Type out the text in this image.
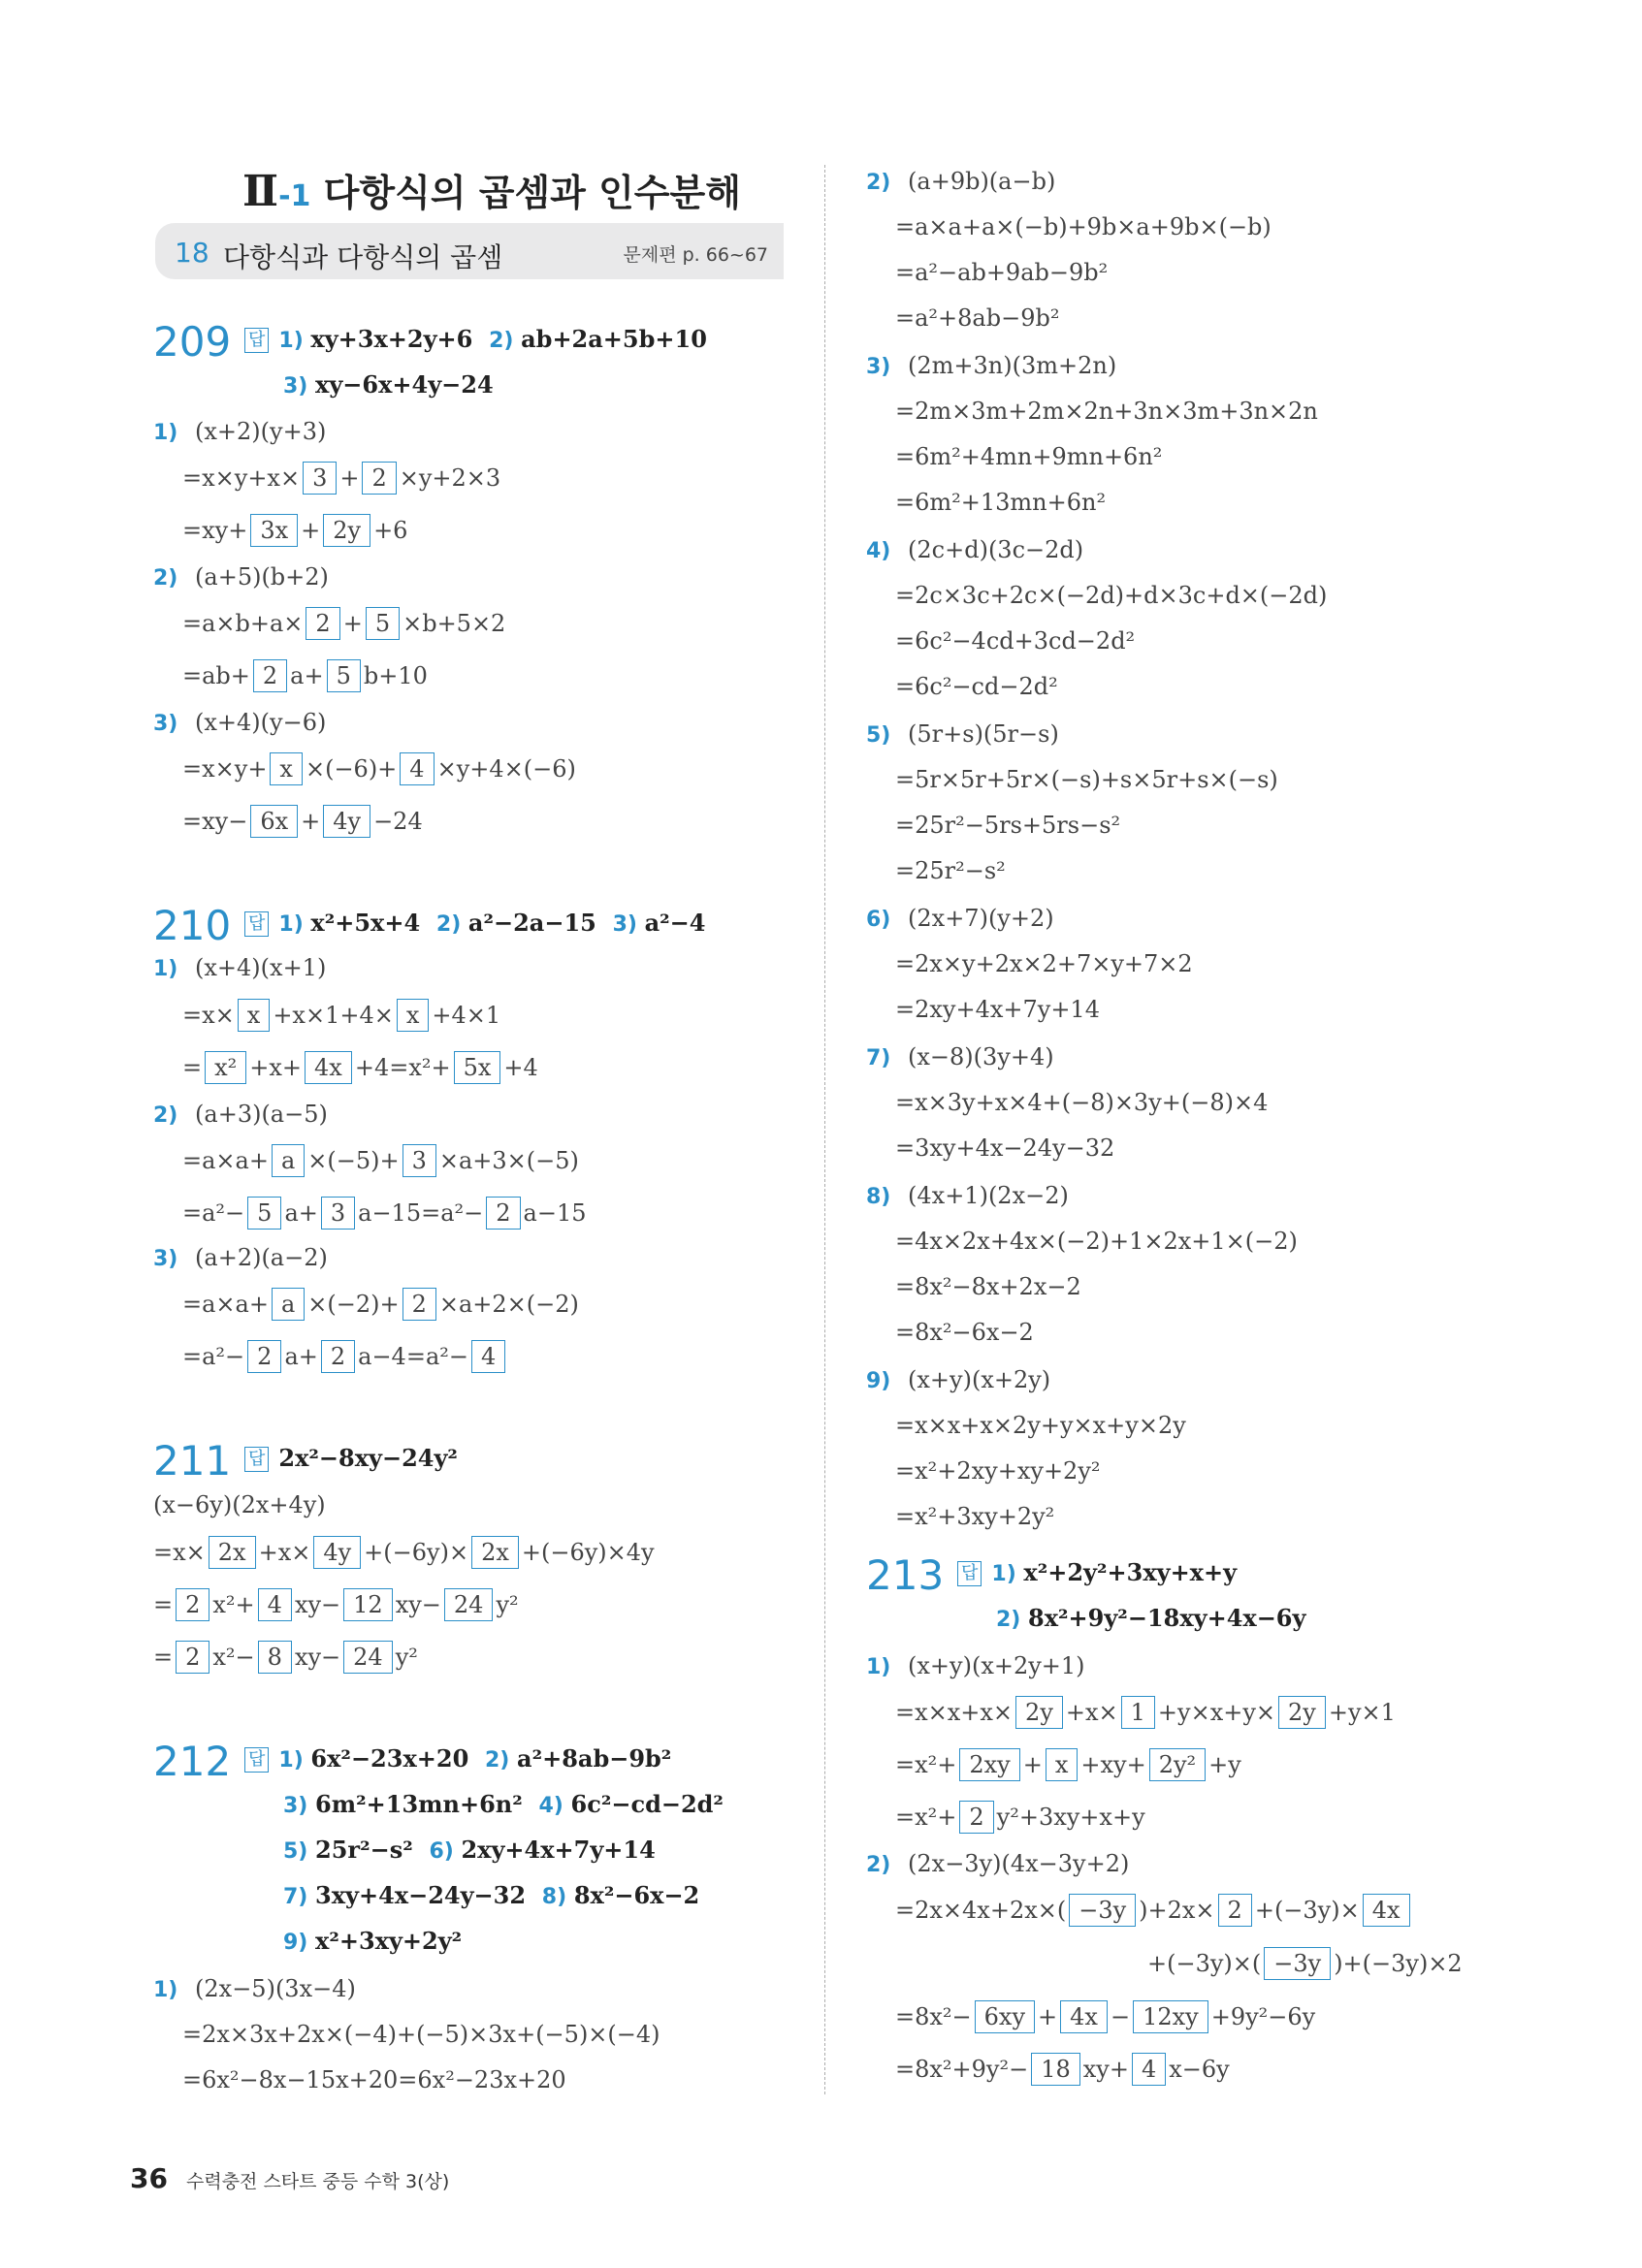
Ⅱ-1 다항식의 곱셈과 인수분해
18 다항식과 다항식의 곱셈	문제편 p. 66~67
209 답 1) xy+3x+2y+6 2) ab+2a+5b+10
3) xy−6x+4y−24
1) (x+2)(y+3)
=x×y+x× 3 + 2 ×y+2×3
=xy+ 3x + 2y +6
2) (a+5)(b+2)
=a×b+a× 2 + 5 ×b+5×2
=ab+ 2 a+ 5 b+10
3) (x+4)(y−6)
=x×y+ x ×(−6)+ 4 ×y+4×(−6)
=xy− 6x + 4y −24
210 답 1) x²+5x+4 2) a²−2a−15 3) a²−4
1) (x+4)(x+1)
=x× x +x×1+4× x +4×1
= x² +x+ 4x +4=x²+ 5x +4
2) (a+3)(a−5)
=a×a+ a ×(−5)+ 3 ×a+3×(−5)
=a²− 5 a+ 3 a−15=a²− 2 a−15
3) (a+2)(a−2)
=a×a+ a ×(−2)+ 2 ×a+2×(−2)
=a²− 2 a+ 2 a−4=a²− 4
211 답 2x²−8xy−24y²
(x−6y)(2x+4y)
=x× 2x +x× 4y +(−6y)× 2x +(−6y)×4y
= 2 x²+ 4 xy− 12 xy− 24 y²
= 2 x²− 8 xy− 24 y²
212 답 1) 6x²−23x+20 2) a²+8ab−9b²
3) 6m²+13mn+6n² 4) 6c²−cd−2d²
5) 25r²−s² 6) 2xy+4x+7y+14
7) 3xy+4x−24y−32 8) 8x²−6x−2
9) x²+3xy+2y²
1) (2x−5)(3x−4)
=2x×3x+2x×(−4)+(−5)×3x+(−5)×(−4)
=6x²−8x−15x+20=6x²−23x+20
2) (a+9b)(a−b)
=a×a+a×(−b)+9b×a+9b×(−b)
=a²−ab+9ab−9b²
=a²+8ab−9b²
3) (2m+3n)(3m+2n)
=2m×3m+2m×2n+3n×3m+3n×2n
=6m²+4mn+9mn+6n²
=6m²+13mn+6n²
4) (2c+d)(3c−2d)
=2c×3c+2c×(−2d)+d×3c+d×(−2d)
=6c²−4cd+3cd−2d²
=6c²−cd−2d²
5) (5r+s)(5r−s)
=5r×5r+5r×(−s)+s×5r+s×(−s)
=25r²−5rs+5rs−s²
=25r²−s²
6) (2x+7)(y+2)
=2x×y+2x×2+7×y+7×2
=2xy+4x+7y+14
7) (x−8)(3y+4)
=x×3y+x×4+(−8)×3y+(−8)×4
=3xy+4x−24y−32
8) (4x+1)(2x−2)
=4x×2x+4x×(−2)+1×2x+1×(−2)
=8x²−8x+2x−2
=8x²−6x−2
9) (x+y)(x+2y)
=x×x+x×2y+y×x+y×2y
=x²+2xy+xy+2y²
=x²+3xy+2y²
213 답 1) x²+2y²+3xy+x+y
2) 8x²+9y²−18xy+4x−6y
1) (x+y)(x+2y+1)
=x×x+x× 2y +x× 1 +y×x+y× 2y +y×1
=x²+ 2xy + x +xy+ 2y² +y
=x²+ 2 y²+3xy+x+y
2) (2x−3y)(4x−3y+2)
=2x×4x+2x×( −3y )+2x× 2 +(−3y)× 4x
+(−3y)×( −3y )+(−3y)×2
=8x²− 6xy + 4x − 12xy +9y²−6y
=8x²+9y²− 18 xy+ 4 x−6y
36 수력충전 스타트 중등 수학 3(상)
